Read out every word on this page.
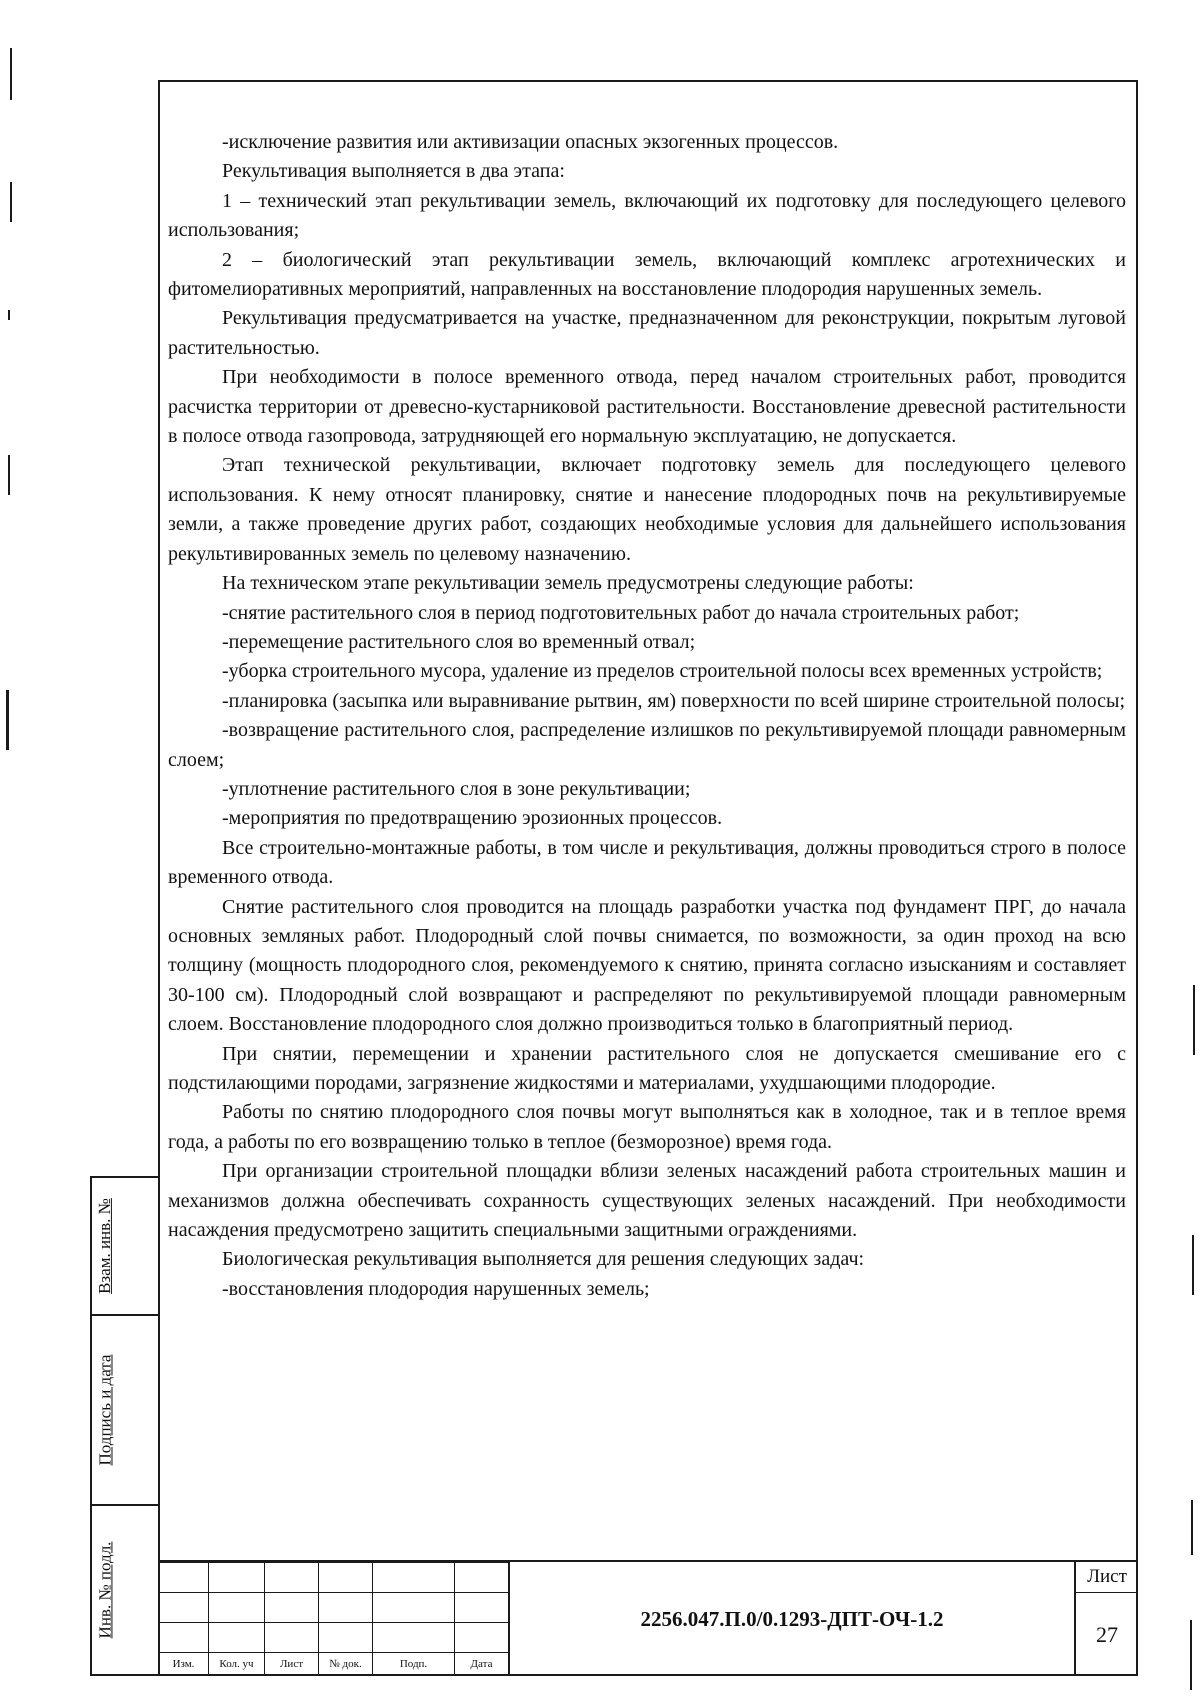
-исключение развития или активизации опасных экзогенных процессов.

Рекультивация выполняется в два этапа:

1 – технический этап рекультивации земель, включающий их подготовку для последующего целевого использования;

2 – биологический этап рекультивации земель, включающий комплекс агротехнических и фитомелиоративных мероприятий, направленных на восстановление плодородия нарушенных земель.

Рекультивация предусматривается на участке, предназначенном для реконструкции, покрытым луговой растительностью.

При необходимости в полосе временного отвода, перед началом строительных работ, проводится расчистка территории от древесно-кустарниковой растительности. Восстановление древесной растительности в полосе отвода газопровода, затрудняющей его нормальную эксплуатацию, не допускается.

Этап технической рекультивации, включает подготовку земель для последующего целевого использования. К нему относят планировку, снятие и нанесение плодородных почв на рекультивируемые земли, а также проведение других работ, создающих необходимые условия для дальнейшего использования рекультивированных земель по целевому назначению.

На техническом этапе рекультивации земель предусмотрены следующие работы:

-снятие растительного слоя в период подготовительных работ до начала строительных работ;

-перемещение растительного слоя во временный отвал;

-уборка строительного мусора, удаление из пределов строительной полосы всех временных устройств;

-планировка (засыпка или выравнивание рытвин, ям) поверхности по всей ширине строительной полосы;

-возвращение растительного слоя, распределение излишков по рекультивируемой площади равномерным слоем;

-уплотнение растительного слоя в зоне рекультивации;

-мероприятия по предотвращению эрозионных процессов.

Все строительно-монтажные работы, в том числе и рекультивация, должны проводиться строго в полосе временного отвода.

Снятие растительного слоя проводится на площадь разработки участка под фундамент ПРГ, до начала основных земляных работ. Плодородный слой почвы снимается, по возможности, за один проход на всю толщину (мощность плодородного слоя, рекомендуемого к снятию, принята согласно изысканиям и составляет 30-100 см). Плодородный слой возвращают и распределяют по рекультивируемой площади равномерным слоем. Восстановление плодородного слоя должно производиться только в благоприятный период.

При снятии, перемещении и хранении растительного слоя не допускается смешивание его с подстилающими породами, загрязнение жидкостями и материалами, ухудшающими плодородие.

Работы по снятию плодородного слоя почвы могут выполняться как в холодное, так и в теплое время года, а работы по его возвращению только в теплое (безморозное) время года.

При организации строительной площадки вблизи зеленых насаждений работа строительных машин и механизмов должна обеспечивать сохранность существующих зеленых насаждений. При необходимости насаждения предусмотрено защитить специальными защитными ограждениями.

Биологическая рекультивация выполняется для решения следующих задач:

-восстановления плодородия нарушенных земель;

Взам. инв. №
Подпись и дата
Инв. № подл.

Изм.	Кол. уч	Лист	№ док.	Подп.	Дата
2256.047.П.0/0.1293-ДПТ-ОЧ-1.2
Лист
27
